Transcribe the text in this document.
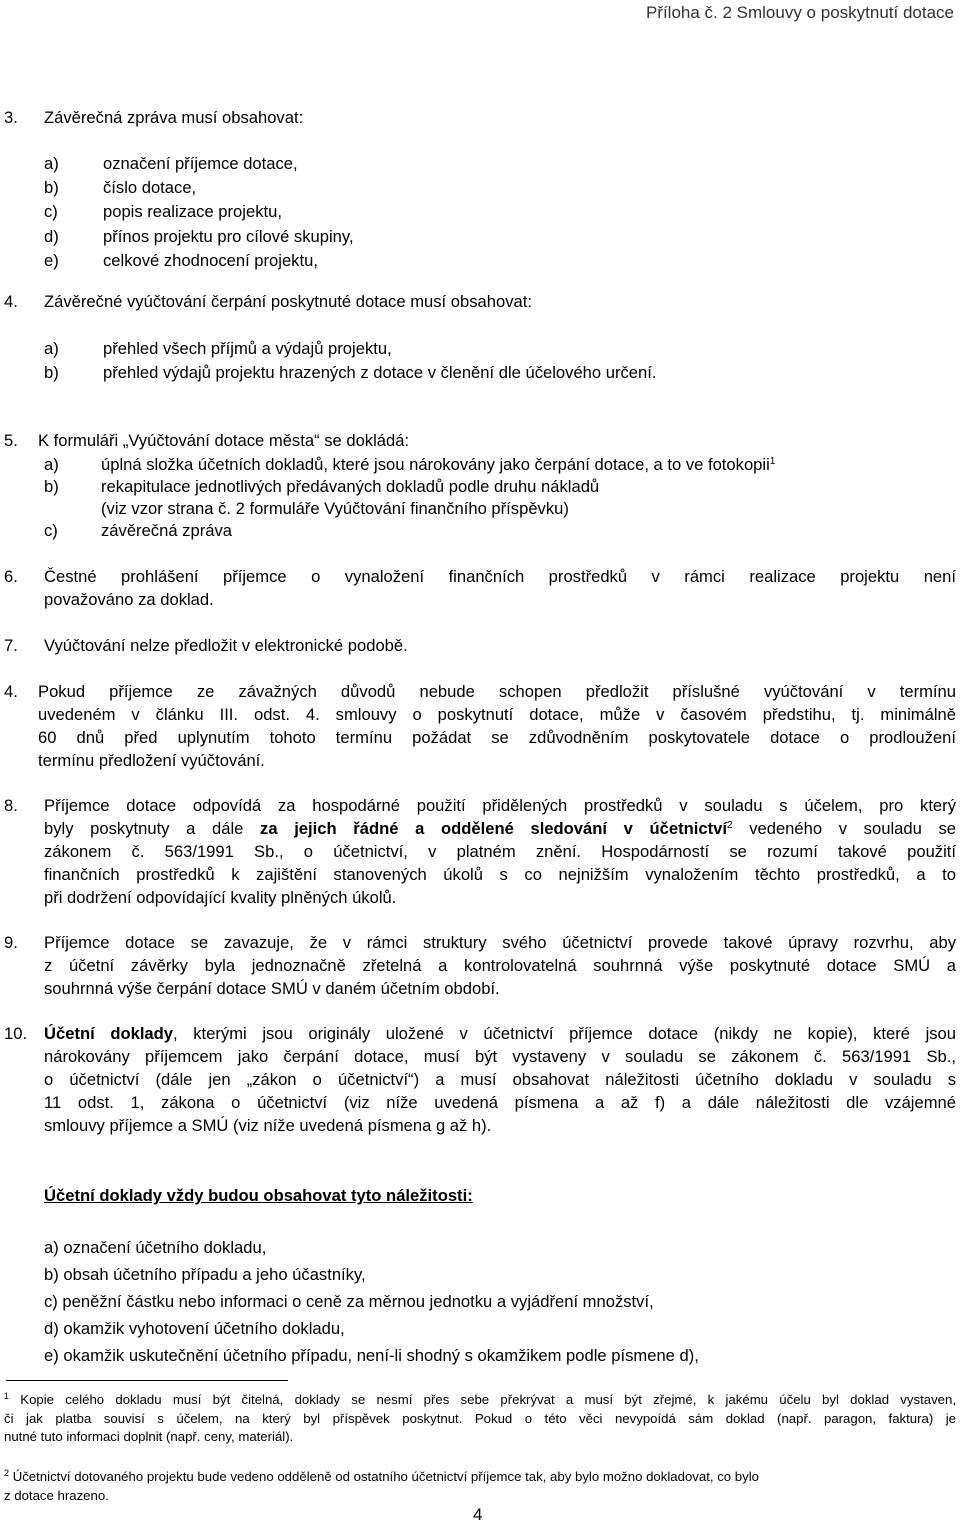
Příloha č. 2 Smlouvy o poskytnutí dotace
3. Závěrečná zpráva musí obsahovat:
a)	označení příjemce dotace,
b)	číslo dotace,
c)	popis realizace projektu,
d)	přínos projektu pro cílové skupiny,
e)	celkové zhodnocení projektu,
4. Závěrečné vyúčtování čerpání poskytnuté dotace musí obsahovat:
a)	přehled všech příjmů a výdajů projektu,
b)	přehled výdajů projektu hrazených z dotace v členění dle účelového určení.
5. K formuláři „Vyúčtování dotace města“ se dokládá:
a)	úplná složka účetních dokladů, které jsou nárokovány jako čerpání dotace, a to ve fotokopii$^1$
b)	rekapitulace jednotlivých předávaných dokladů podle druhu nákladů
(viz vzor strana č. 2 formuláře Vyúčtování finančního příspěvku)
c)	závěrečná zpráva
6. Čestné prohlášení příjemce o vynaložení finančních prostředků v rámci realizace projektu není
považováno za doklad.
7. Vyúčtování nelze předložit v elektronické podobě.
4. Pokud příjemce ze závažných důvodů nebude schopen předložit příslušné vyúčtování v termínu
uvedeném v článku III. odst. 4. smlouvy o poskytnutí dotace, může v časovém předstihu, tj. minimálně
60 dnů před uplynutím tohoto termínu požádat se zdůvodněním poskytovatele dotace o prodloužení
termínu předložení vyúčtování.
8. Příjemce dotace odpovídá za hospodárné použití přidělených prostředků v souladu s účelem, pro který
byly poskytnuty a dále za jejich řádné a oddělené sledování v účetnictví$^2$ vedeného v souladu se
zákonem č. 563/1991 Sb., o účetnictví, v platném znění. Hospodárností se rozumí takové použití
finančních prostředků k zajištění stanovených úkolů s co nejnižším vynaložením těchto prostředků, a to
při dodržení odpovídající kvality plněných úkolů.
9. Příjemce dotace se zavazuje, že v rámci struktury svého účetnictví provede takové úpravy rozvrhu, aby
z účetní závěrky byla jednoznačně zřetelná a kontrolovatelná souhrnná výše poskytnuté dotace SMÚ a
souhrnná výše čerpání dotace SMÚ v daném účetním období.
10. Účetní doklady, kterými jsou originály uložené v účetnictví příjemce dotace (nikdy ne kopie), které jsou
nárokovány příjemcem jako čerpání dotace, musí být vystaveny v souladu se zákonem č. 563/1991 Sb.,
o účetnictví (dále jen „zákon o účetnictví“) a musí obsahovat náležitosti účetního dokladu v souladu s
11 odst. 1, zákona o účetnictví (viz níže uvedená písmena a až f) a dále náležitosti dle vzájemné
smlouvy příjemce a SMÚ (viz níže uvedená písmena g až h).
Účetní doklady vždy budou obsahovat tyto náležitosti:
a) označení účetního dokladu,
b) obsah účetního případu a jeho účastníky,
c) peněžní částku nebo informaci o ceně za měrnou jednotku a vyjádření množství,
d) okamžik vyhotovení účetního dokladu,
e) okamžik uskutečnění účetního případu, není-li shodný s okamžikem podle písmene d),
$^1$ Kopie celého dokladu musí být čitelná, doklady se nesmí přes sebe překrývat a musí být zřejmé, k jakému účelu byl doklad vystaven,
či jak platba souvisí s účelem, na který byl příspěvek poskytnut. Pokud o této věci nevypoídá sám doklad (např. paragon, faktura) je
nutné tuto informaci doplnit (např. ceny, materiál).
$^2$ Účetnictví dotovaného projektu bude vedeno odděleně od ostatního účetnictví příjemce tak, aby bylo možno dokladovat, co bylo
z dotace hrazeno.
4
